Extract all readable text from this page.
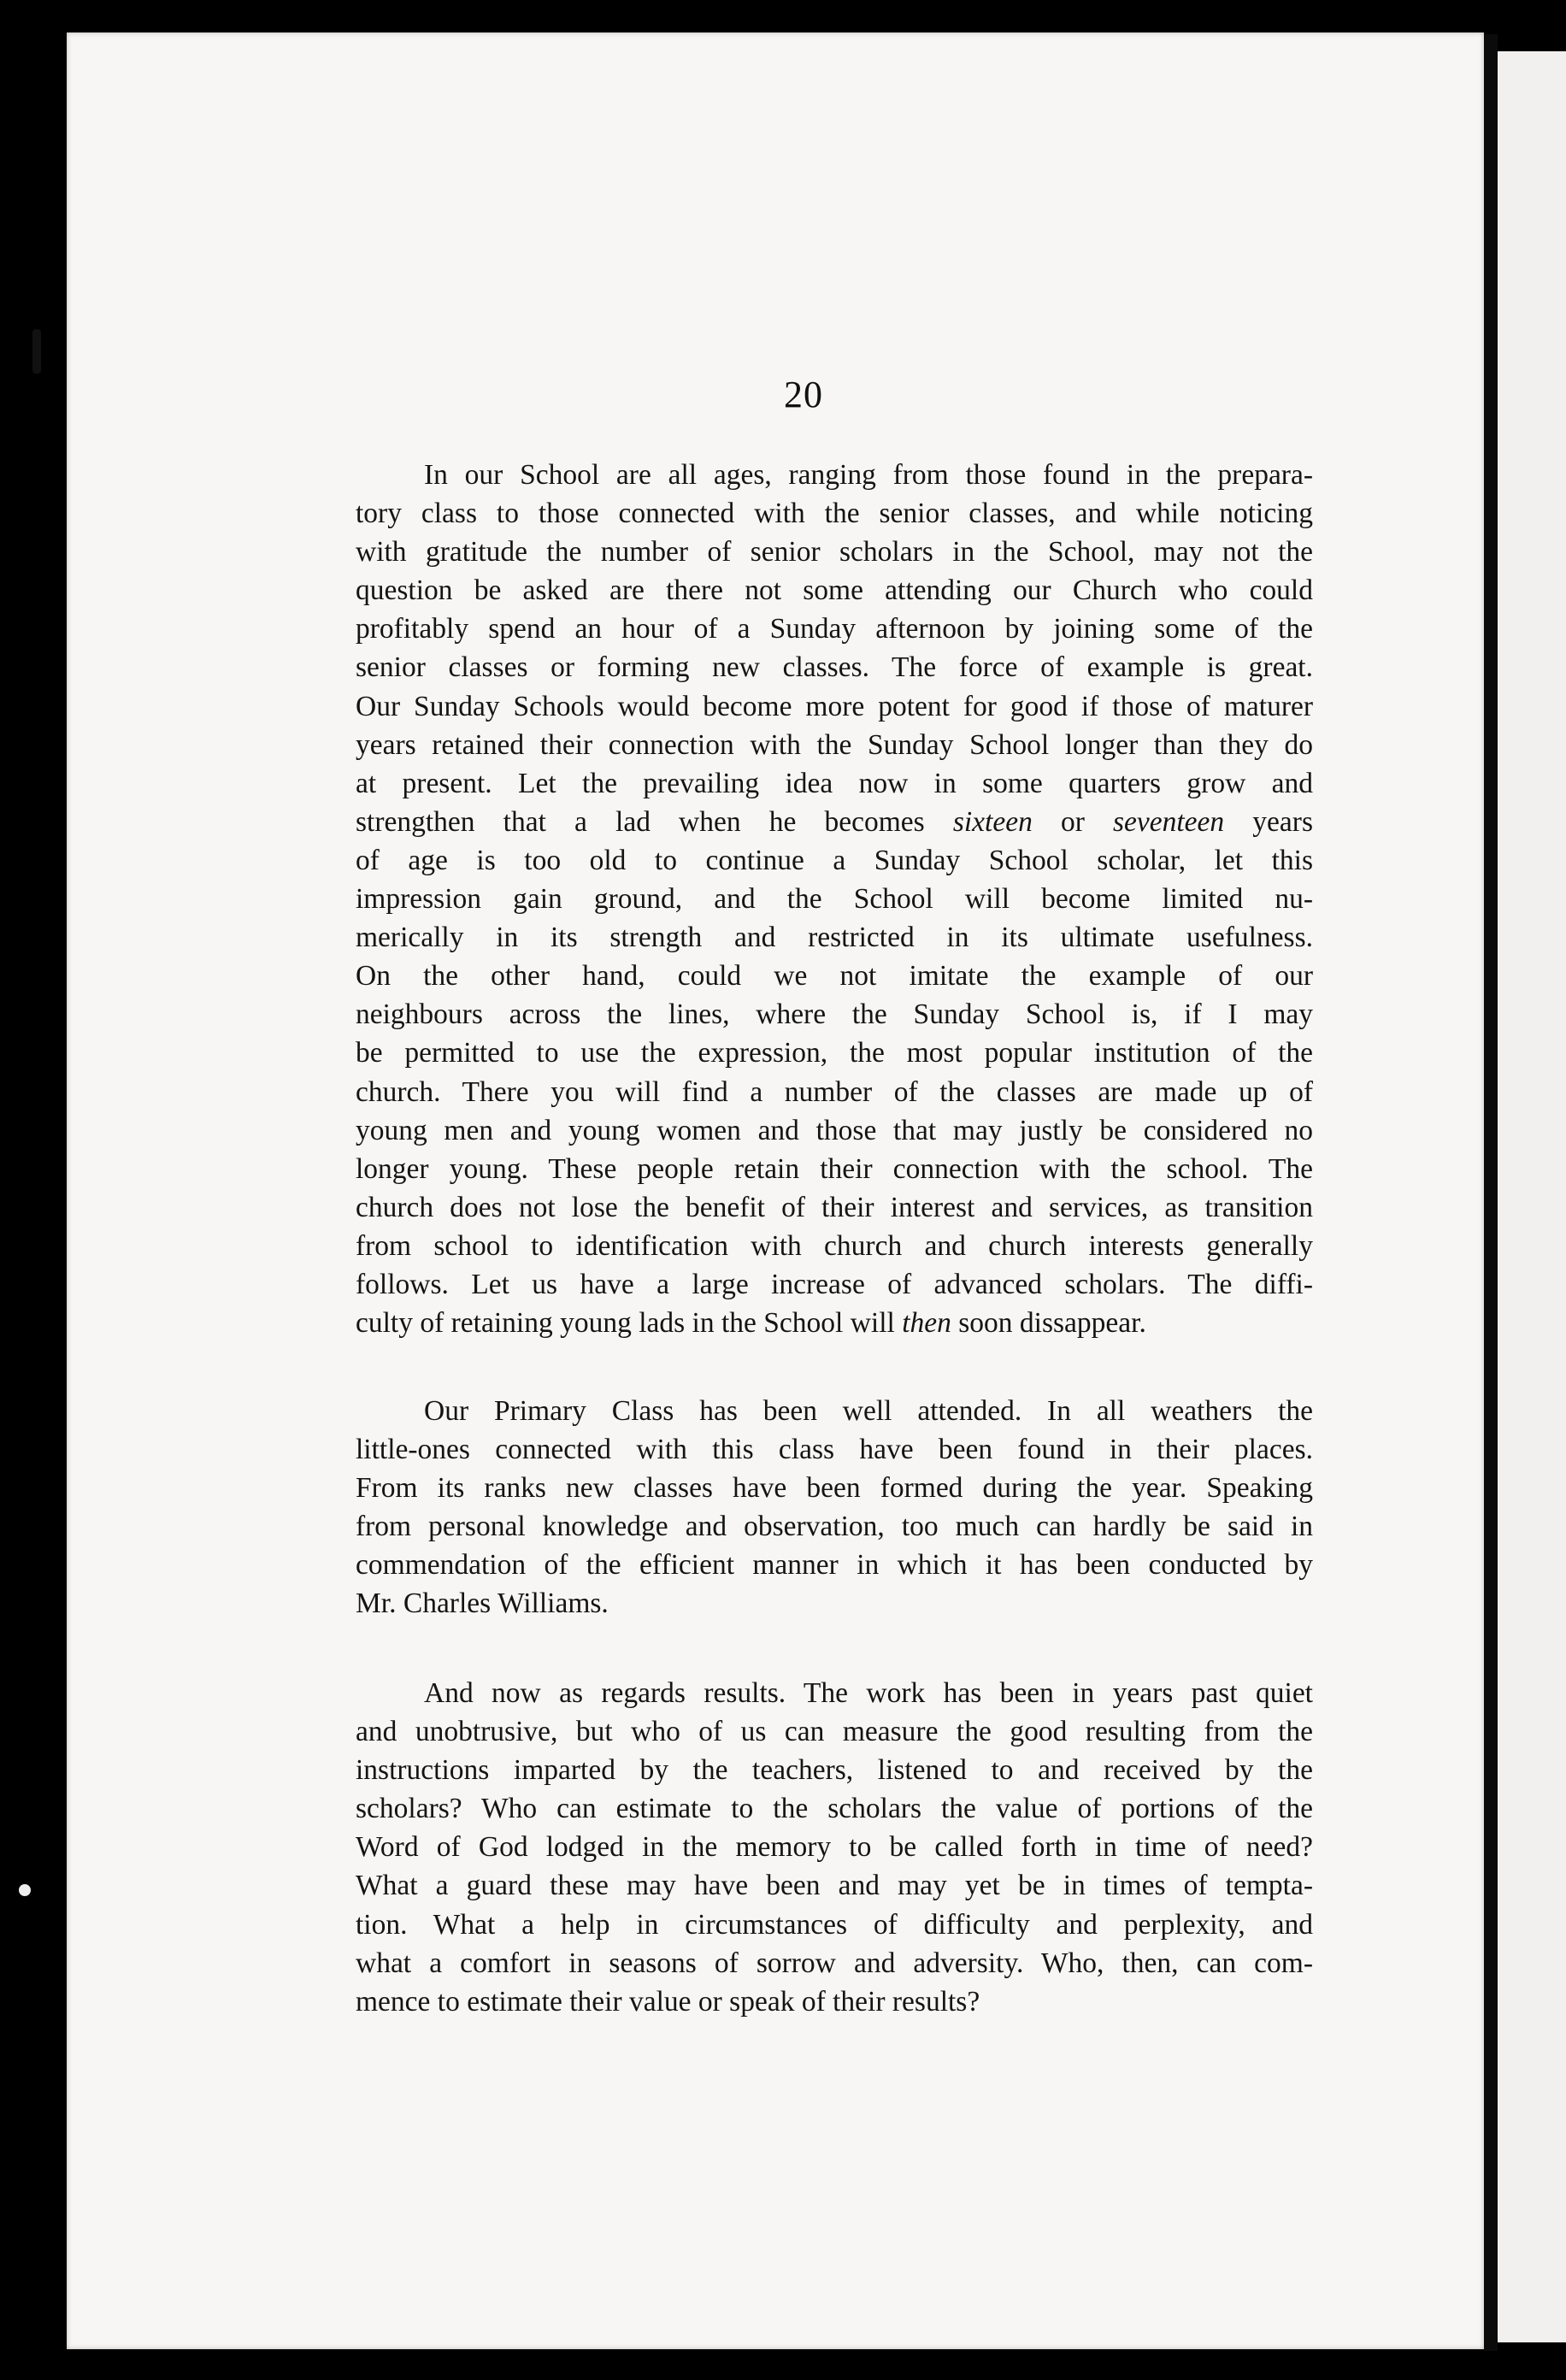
20
In our School are all ages, ranging from those found in the prepara-
tory class to those connected with the senior classes, and while noticing
with gratitude the number of senior scholars in the School, may not the
question be asked are there not some attending our Church who could
profitably spend an hour of a Sunday afternoon by joining some of the
senior classes or forming new classes. The force of example is great.
Our Sunday Schools would become more potent for good if those of maturer
years retained their connection with the Sunday School longer than they do
at present. Let the prevailing idea now in some quarters grow and
strengthen that a lad when he becomes sixteen or seventeen years
of age is too old to continue a Sunday School scholar, let this
impression gain ground, and the School will become limited nu-
merically in its strength and restricted in its ultimate usefulness.
On the other hand, could we not imitate the example of our
neighbours across the lines, where the Sunday School is, if I may
be permitted to use the expression, the most popular institution of the
church. There you will find a number of the classes are made up of
young men and young women and those that may justly be considered no
longer young. These people retain their connection with the school. The
church does not lose the benefit of their interest and services, as transition
from school to identification with church and church interests generally
follows. Let us have a large increase of advanced scholars. The diffi-
culty of retaining young lads in the School will then soon dissappear.
Our Primary Class has been well attended. In all weathers the
little-ones connected with this class have been found in their places.
From its ranks new classes have been formed during the year. Speaking
from personal knowledge and observation, too much can hardly be said in
commendation of the efficient manner in which it has been conducted by
Mr. Charles Williams.
And now as regards results. The work has been in years past quiet
and unobtrusive, but who of us can measure the good resulting from the
instructions imparted by the teachers, listened to and received by the
scholars? Who can estimate to the scholars the value of portions of the
Word of God lodged in the memory to be called forth in time of need?
What a guard these may have been and may yet be in times of tempta-
tion. What a help in circumstances of difficulty and perplexity, and
what a comfort in seasons of sorrow and adversity. Who, then, can com-
mence to estimate their value or speak of their results?
